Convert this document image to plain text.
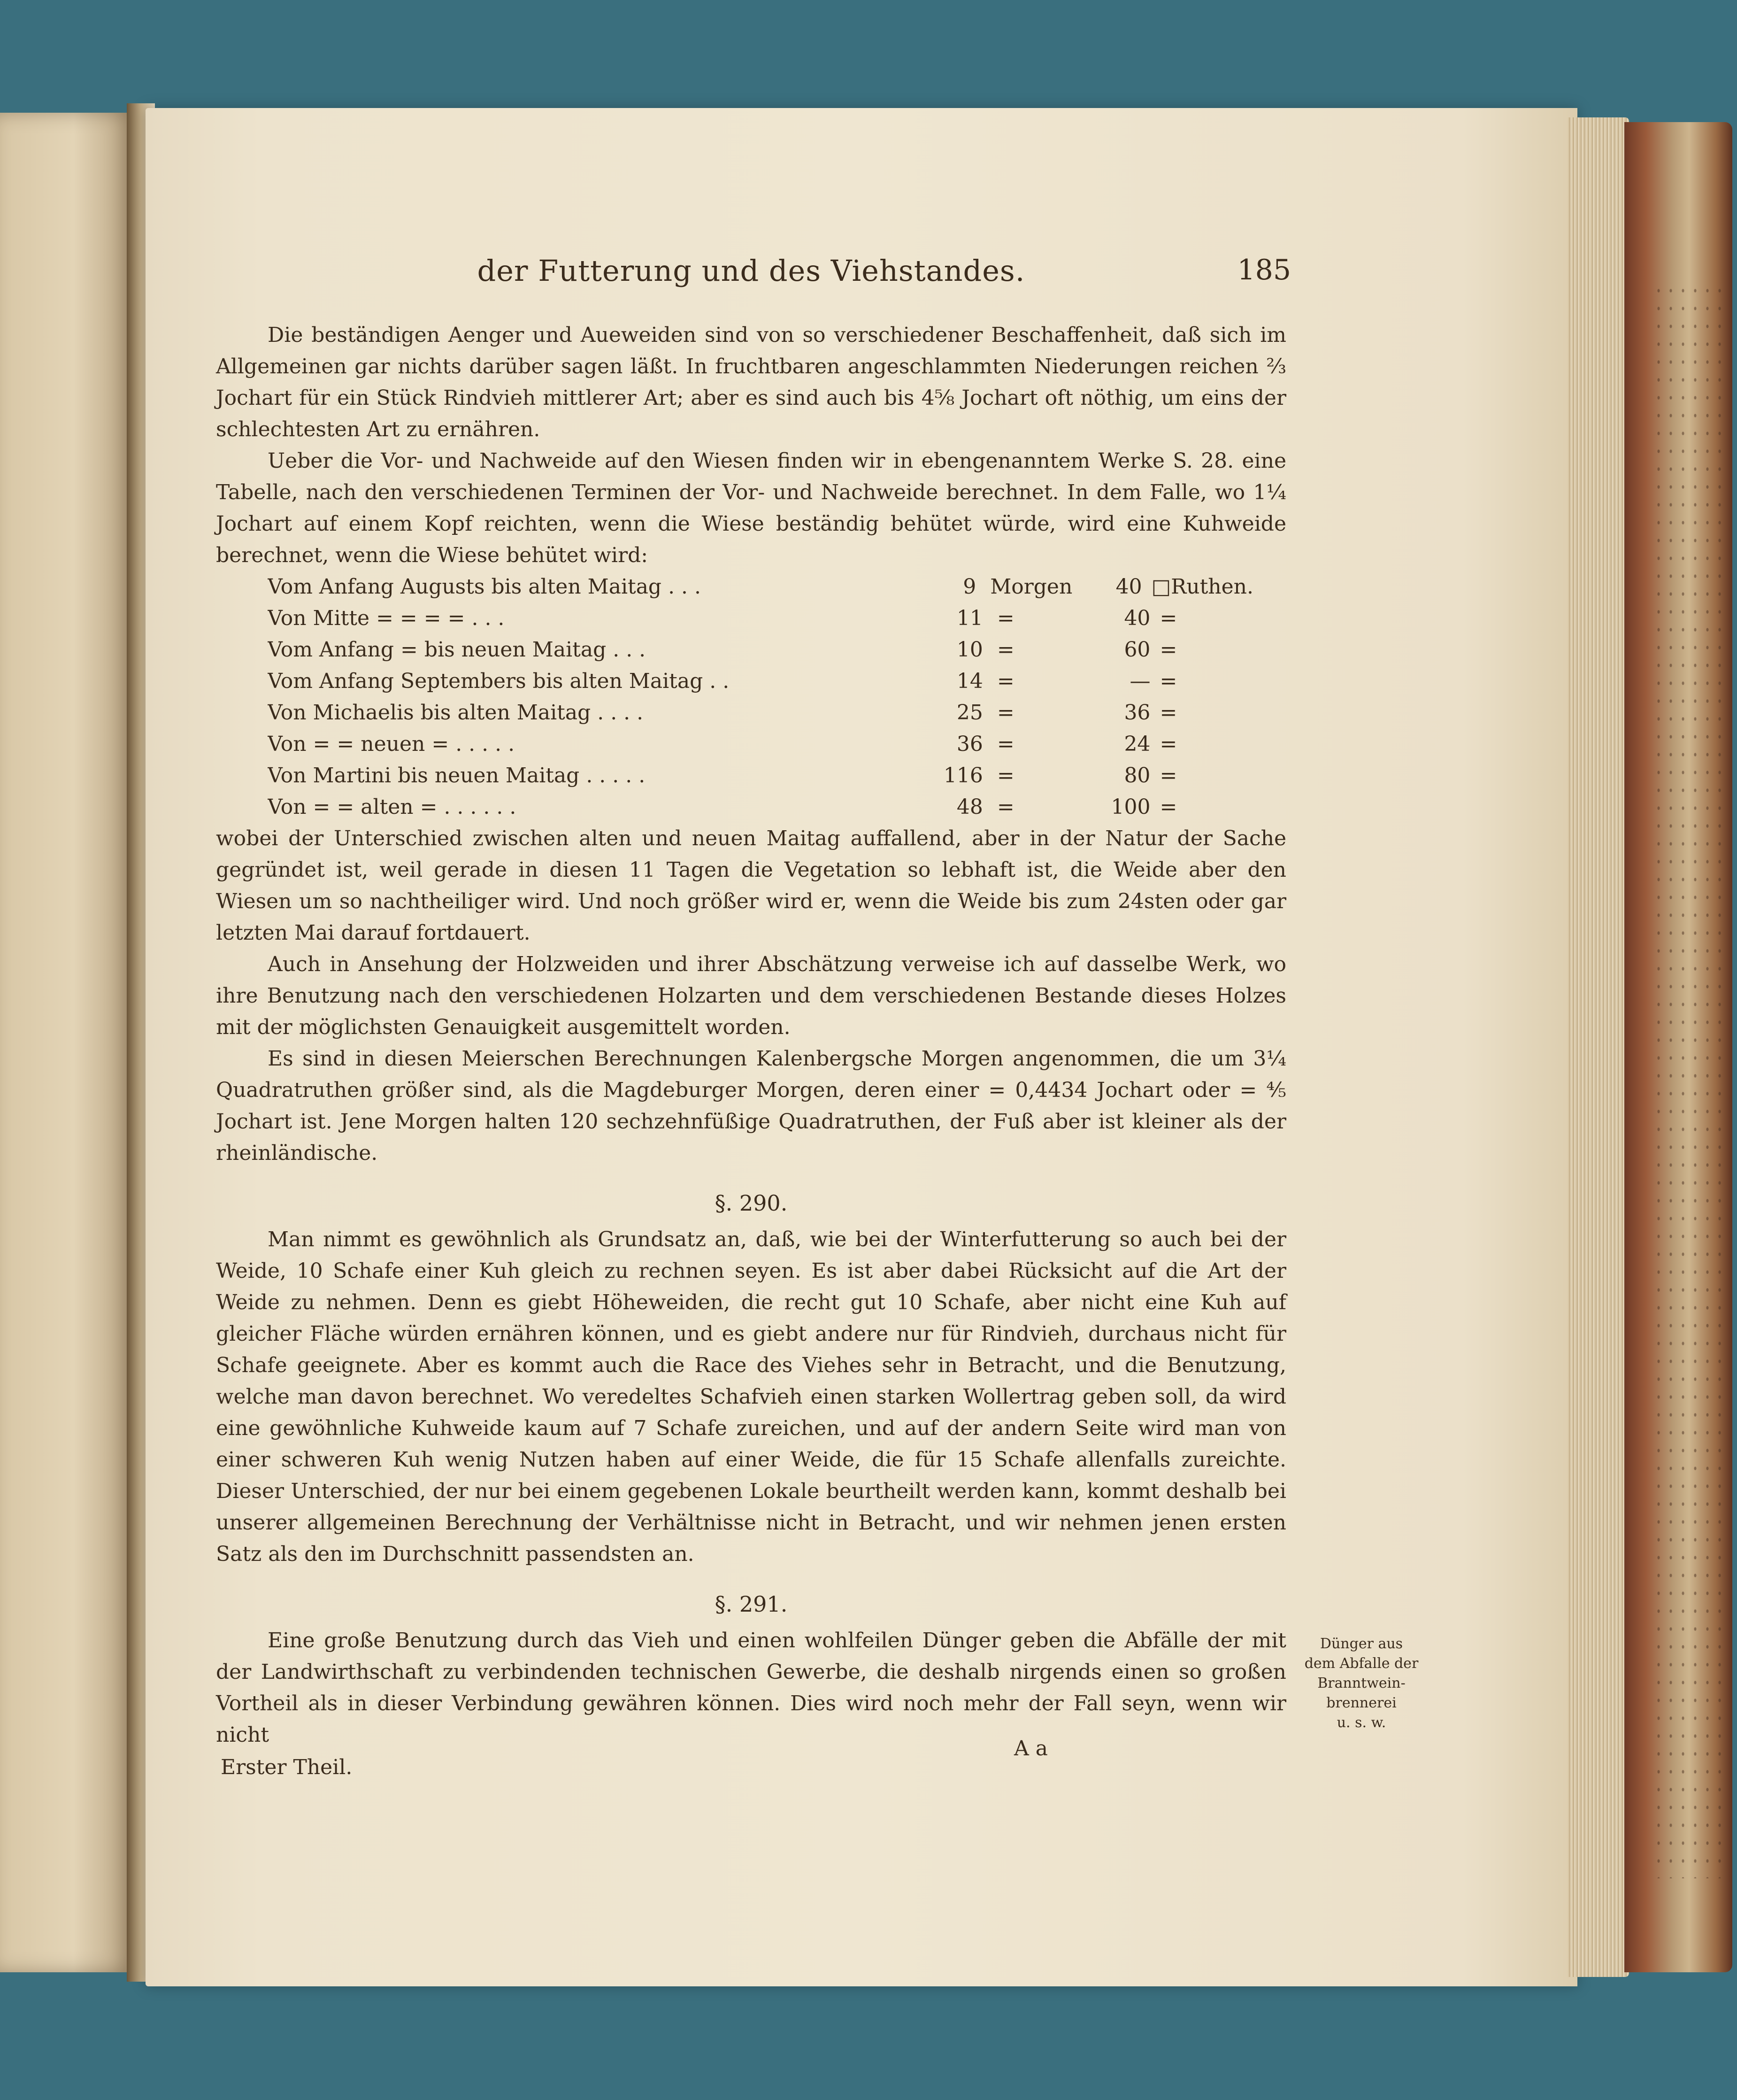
der Futterung und des Viehstandes.	185

Die beständigen Aenger und Aueweiden sind von so verschiedener Beschaffenheit, daß sich im Allgemeinen gar nichts darüber sagen läßt. In fruchtbaren angeschlammten Niederungen reichen ⅔ Jochart für ein Stück Rindvieh mittlerer Art; aber es sind auch bis 4⅝ Jochart oft nöthig, um eins der schlechtesten Art zu ernähren.

Ueber die Vor- und Nachweide auf den Wiesen finden wir in ebengenanntem Werke S. 28. eine Tabelle, nach den verschiedenen Terminen der Vor- und Nachweide berechnet. In dem Falle, wo 1¼ Jochart auf einem Kopf reichten, wenn die Wiese beständig behütet würde, wird eine Kuhweide berechnet, wenn die Wiese behütet wird:

Vom Anfang Augusts bis alten Maitag . . .	9 Morgen	40 □Ruthen.
Von Mitte = = = = . . .	11 =	40 =
Vom Anfang = bis neuen Maitag . . .	10 =	60 =
Vom Anfang Septembers bis alten Maitag . .	14 =	— =
Von Michaelis bis alten Maitag . . . .	25 =	36 =
Von = = neuen = . . . . .	36 =	24 =
Von Martini bis neuen Maitag . . . . .	116 =	80 =
Von = = alten = . . . . . .	48 =	100 =

wobei der Unterschied zwischen alten und neuen Maitag auffallend, aber in der Natur der Sache gegründet ist, weil gerade in diesen 11 Tagen die Vegetation so lebhaft ist, die Weide aber den Wiesen um so nachtheiliger wird. Und noch größer wird er, wenn die Weide bis zum 24sten oder gar letzten Mai darauf fortdauert.

Auch in Ansehung der Holzweiden und ihrer Abschätzung verweise ich auf dasselbe Werk, wo ihre Benutzung nach den verschiedenen Holzarten und dem verschiedenen Bestande dieses Holzes mit der möglichsten Genauigkeit ausgemittelt worden.

Es sind in diesen Meierschen Berechnungen Kalenbergsche Morgen angenommen, die um 3¼ Quadratruthen größer sind, als die Magdeburger Morgen, deren einer = 0,4434 Jochart oder = ⅘ Jochart ist. Jene Morgen halten 120 sechzehnfüßige Quadratruthen, der Fuß aber ist kleiner als der rheinländische.

§. 290.

Man nimmt es gewöhnlich als Grundsatz an, daß, wie bei der Winterfutterung so auch bei der Weide, 10 Schafe einer Kuh gleich zu rechnen seyen. Es ist aber dabei Rücksicht auf die Art der Weide zu nehmen. Denn es giebt Höheweiden, die recht gut 10 Schafe, aber nicht eine Kuh auf gleicher Fläche würden ernähren können, und es giebt andere nur für Rindvieh, durchaus nicht für Schafe geeignete. Aber es kommt auch die Race des Viehes sehr in Betracht, und die Benutzung, welche man davon berechnet. Wo veredeltes Schafvieh einen starken Wollertrag geben soll, da wird eine gewöhnliche Kuhweide kaum auf 7 Schafe zureichen, und auf der andern Seite wird man von einer schweren Kuh wenig Nutzen haben auf einer Weide, die für 15 Schafe allenfalls zureichte. Dieser Unterschied, der nur bei einem gegebenen Lokale beurtheilt werden kann, kommt deshalb bei unserer allgemeinen Berechnung der Verhältnisse nicht in Betracht, und wir nehmen jenen ersten Satz als den im Durchschnitt passendsten an.

§. 291.

Eine große Benutzung durch das Vieh und einen wohlfeilen Dünger geben die Abfälle der mit der Landwirthschaft zu verbindenden technischen Gewerbe, die deshalb nirgends einen so großen Vortheil als in dieser Verbindung gewähren können. Dies wird noch mehr der Fall seyn, wenn wir nicht

Dünger aus
dem Abfalle der
Branntwein-
brennerei
u. s. w.
Erster Theil.
A a
